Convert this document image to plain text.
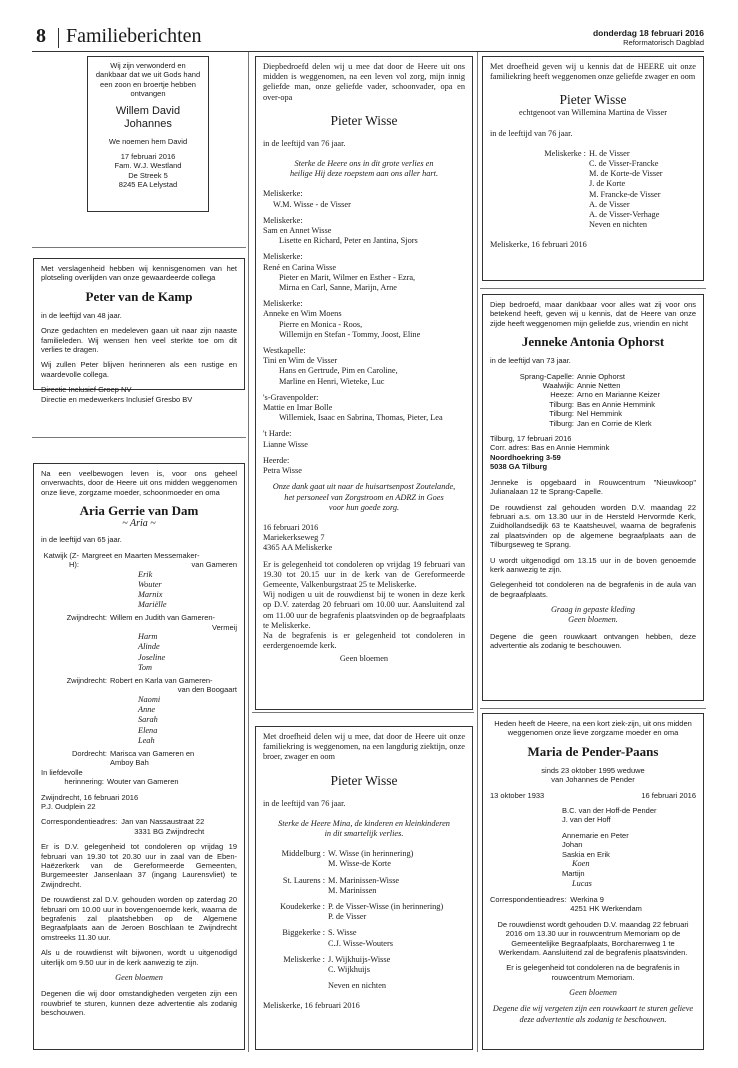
8 Familieberichten	donderdag 18 februari 2016
Reformatorisch Dagblad

Wij zijn verwonderd en dankbaar dat we uit Gods hand een zoon en broertje hebben ontvangen

Willem David Johannes

We noemen hem David

17 februari 2016

Fam. W.J. Westland

De Streek 5

8245 EA Lelystad

Met verslagenheid hebben wij kennisgenomen van het plotseling overlijden van onze gewaardeerde collega

Peter van de Kamp

in de leeftijd van 48 jaar.

Onze gedachten en medeleven gaan uit naar zijn naaste familieleden. Wij wensen hen veel sterkte toe om dit verlies te dragen.

Wij zullen Peter blijven herinneren als een rustige en waardevolle collega.

Directie Inclusief Groep NV

Directie en medewerkers Inclusief Gresbo BV

Na een veelbewogen leven is, voor ons geheel onverwachts, door de Heere uit ons midden weggenomen onze lieve, zorgzame moeder, schoonmoeder en oma

Aria Gerrie van Dam

~ Aria ~

in de leeftijd van 65 jaar.

Katwijk (Z-H):

Margreet en Maarten Messemaker-

van Gameren

Erik

Wouter

Marnix

Mariëlle

Zwijndrecht: Willem en Judith van Gameren-

Vermeij

Harm

Alinde

Joseline

Tom

Zwijndrecht: Robert en Karla van Gameren-

van den Boogaart

Naomi

Anne

Sarah

Elena

Leah

Dordrecht: Marisca van Gameren en

Amboy Bah

In liefdevolle

herinnering: Wouter van Gameren

Zwijndrecht, 16 februari 2016

P.J. Oudplein 22

Correspondentieadres: Jan van Nassaustraat 22

3331 BG Zwijndrecht

Er is D.V. gelegenheid tot condoleren op vrijdag 19 februari van 19.30 tot 20.30 uur in zaal van de Eben-Haëzerkerk van de Gereformeerde Gemeenten, Burgemeester Jansenlaan 37 (ingang Laurensvliet) te Zwijndrecht.

De rouwdienst zal D.V. gehouden worden op zaterdag 20 februari om 10.00 uur in bovengenoemde kerk, waarna de begrafenis zal plaatshebben op de Algemene Begraafplaats aan de Jeroen Boschlaan te Zwijndrecht omstreeks 11.30 uur.

Als u de rouwdienst wilt bijwonen, wordt u uitgenodigd uiterlijk om 9.50 uur in de kerk aanwezig te zijn.

Geen bloemen

Degenen die wij door omstandigheden vergeten zijn een rouwbrief te sturen, kunnen deze advertentie als zodanig beschouwen.

Diepbedroefd delen wij u mee dat door de Heere uit ons midden is weggenomen, na een leven vol zorg, mijn innig geliefde man, onze geliefde vader, schoonvader, opa en over-opa

Pieter Wisse

in de leeftijd van 76 jaar.

Sterke de Heere ons in dit grote verlies en

heilige Hij deze roepstem aan ons aller hart.

Meliskerke:

W.M. Wisse - de Visser

Meliskerke:

Sam en Annet Wisse

Lisette en Richard, Peter en Jantina, Sjors

Meliskerke:

René en Carina Wisse

Pieter en Marit, Wilmer en Esther - Ezra,

Mirna en Carl, Sanne, Marijn, Arne

Meliskerke:

Anneke en Wim Moens

Pierre en Monica - Roos,

Willemijn en Stefan - Tommy, Joost, Eline

Westkapelle:

Tini en Wim de Visser

Hans en Gertrude, Pim en Caroline,

Marline en Henri, Wieteke, Luc

's-Gravenpolder:

Mattie en Imar Bolle

Willemiek, Isaac en Sabrina, Thomas, Pieter, Lea

't Harde:

Lianne Wisse

Heerde:

Petra Wisse

Onze dank gaat uit naar de huisartsenpost Zoutelande,

het personeel van Zorgstroom en ADRZ in Goes

voor hun goede zorg.

16 februari 2016

Mariekerkseweg 7

4365 AA Meliskerke

Er is gelegenheid tot condoleren op vrijdag 19 februari van 19.30 tot 20.15 uur in de kerk van de Gereformeerde Gemeente, Valkenburgstraat 25 te Meliskerke.

Wij nodigen u uit de rouwdienst bij te wonen in deze kerk op D.V. zaterdag 20 februari om 10.00 uur. Aansluitend zal om 11.00 uur de begrafenis plaatsvinden op de begraafplaats te Meliskerke.

Na de begrafenis is er gelegenheid tot condoleren in eerdergenoemde kerk.

Geen bloemen

Met droefheid delen wij u mee, dat door de Heere uit onze familiekring is weggenomen, na een langdurig ziektijn, onze broer, zwager en oom

Pieter Wisse

in de leeftijd van 76 jaar.

Sterke de Heere Mina, de kinderen en kleinkinderen

in dit smartelijk verlies.

Middelburg : W. Wisse (in herinnering)

M. Wisse-de Korte

St. Laurens : M. Marinissen-Wisse

M. Marinissen

Koudekerke : P. de Visser-Wisse (in herinnering)

P. de Visser

Biggekerke : S. Wisse

C.J. Wisse-Wouters

Meliskerke : J. Wijkhuijs-Wisse

C. Wijkhuijs

Neven en nichten

Meliskerke, 16 februari 2016

Met droefheid geven wij u kennis dat de HEERE uit onze familiekring heeft weggenomen onze geliefde zwager en oom

Pieter Wisse

echtgenoot van Willemina Martina de Visser

in de leeftijd van 76 jaar.

Meliskerke : H. de Visser

C. de Visser-Francke

M. de Korte-de Visser

J. de Korte

M. Francke-de Visser

A. de Visser

A. de Visser-Verhage

Neven en nichten

Meliskerke, 16 februari 2016

Diep bedroefd, maar dankbaar voor alles wat zij voor ons betekend heeft, geven wij u kennis, dat de Heere van onze zijde heeft weggenomen mijn geliefde zus, vriendin en nicht

Jenneke Antonia Ophorst

in de leeftijd van 73 jaar.

Sprang-Capelle: Annie Ophorst
Waalwijk: Annie Netten
Heeze: Arno en Marianne Keizer
Tilburg: Bas en Annie Hemmink
Tilburg: Nel Hemmink
Tilburg: Jan en Corrie de Klerk

Tilburg, 17 februari 2016

Corr. adres: Bas en Annie Hemmink

Noordhoekring 3-59

5038 GA Tilburg

Jenneke is opgebaard in Rouwcentrum "Nieuwkoop" Julianalaan 12 te Sprang-Capelle.

De rouwdienst zal gehouden worden D.V. maandag 22 februari a.s. om 13.30 uur in de Hersteld Hervormde Kerk, Zuidhollandsedijk 63 te Kaatsheuvel, waarna de begrafenis zal plaatsvinden op de algemene begraafplaats aan de Tilburgseweg te Sprang.

U wordt uitgenodigd om 13.15 uur in de boven genoemde kerk aanwezig te zijn.

Gelegenheid tot condoleren na de begrafenis in de aula van de begraafplaats.

Graag in gepaste kleding

Geen bloemen.

Degene die geen rouwkaart ontvangen hebben, deze advertentie als zodanig te beschouwen.

Heden heeft de Heere, na een kort ziek-zijn, uit ons midden weggenomen onze lieve zorgzame moeder en oma

Maria de Pender-Paans

sinds 23 oktober 1995 weduwe

van Johannes de Pender

13 oktober 1933	16 februari 2016

B.C. van der Hoff-de Pender

J. van der Hoff

Annemarie en Peter

Johan

Saskia en Erik

Koen

Martijn

Lucas

Correspondentieadres: Werkina 9

4251 HK Werkendam

De rouwdienst wordt gehouden D.V. maandag 22 februari 2016 om 13.30 uur in rouwcentrum Memoriam op de Gemeentelijke Begraafplaats, Borcharenweg 1 te Werkendam. Aansluitend zal de begrafenis plaatsvinden.

Er is gelegenheid tot condoleren na de begrafenis in rouwcentrum Memoriam.

Geen bloemen

Degene die wij vergeten zijn een rouwkaart te sturen gelieve deze advertentie als zodanig te beschouwen.
